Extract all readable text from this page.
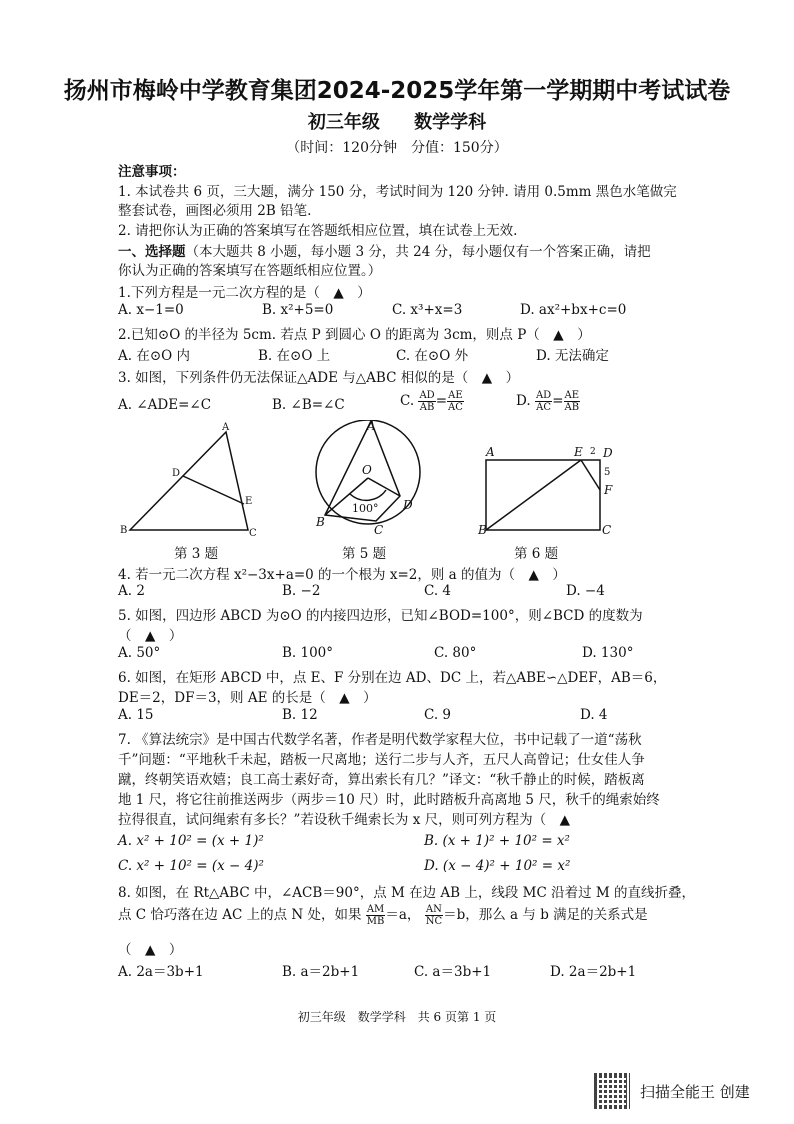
扬州市梅岭中学教育集团2024-2025学年第一学期期中考试试卷
初三年级 数学学科
（时间：120分钟　分值：150分）
注意事项：
1. 本试卷共 6 页，三大题，满分 150 分，考试时间为 120 分钟. 请用 0.5mm 黑色水笔做完
整套试卷，画图必须用 2B 铅笔.
2. 请把你认为正确的答案填写在答题纸相应位置，填在试卷上无效.
一、选择题（本大题共 8 小题，每小题 3 分，共 24 分，每小题仅有一个答案正确，请把
你认为正确的答案填写在答题纸相应位置。）
1.下列方程是一元二次方程的是（　▲　）
A. x−1=0	B. x²+5=0	C. x³+x=3	D. ax²+bx+c=0
2.已知⊙O 的半径为 5cm. 若点 P 到圆心 O 的距离为 3cm，则点 P（　▲　）
A. 在⊙O 内	B. 在⊙O 上	C. 在⊙O 外	D. 无法确定
3. 如图，下列条件仍无法保证△ADE 与△ABC 相似的是（　▲　）
A. ∠ADE=∠C	B. ∠B=∠C	C. $\frac{AD}{AB} = \frac{AE}{AC}$	D. $\frac{AD}{AC} = \frac{AE}{AB}$
A
B	C
D
E
A
B
C
D
O
100°
A
B	C
D
E
F
2
5
第 3 题	第 5 题	第 6 题
4. 若一元二次方程 x²−3x+a=0 的一个根为 x=2，则 a 的值为（　▲　）
A. 2	B. −2	C. 4	D. −4
5. 如图，四边形 ABCD 为⊙O 的内接四边形，已知∠BOD=100°，则∠BCD 的度数为
（　▲　）
A. 50°	B. 100°	C. 80°	D. 130°
6. 如图，在矩形 ABCD 中，点 E、F 分别在边 AD、DC 上，若△ABE∽△DEF，AB＝6，
DE＝2，DF＝3，则 AE 的长是（　▲　）
A. 15	B. 12	C. 9	D. 4
7. 《算法统宗》是中国古代数学名著，作者是明代数学家程大位，书中记载了一道“荡秋
千”问题：“平地秋千未起，踏板一尺离地；送行二步与人齐，五尺人高曾记；仕女佳人争
蹴，终朝笑语欢嬉；良工高士素好奇，算出索长有几？”译文：“秋千静止的时候，踏板离
地 1 尺，将它往前推送两步（两步＝10 尺）时，此时踏板升高离地 5 尺，秋千的绳索始终
拉得很直，试问绳索有多长？”若设秋千绳索长为 x 尺，则可列方程为（　▲
A. x² + 10² = (x + 1)²	B. (x + 1)² + 10² = x²
C. x² + 10² = (x − 4)²	D. (x − 4)² + 10² = x²
8. 如图，在 Rt△ABC 中，∠ACB＝90°，点 M 在边 AB 上，线段 MC 沿着过 M 的直线折叠，
点 C 恰巧落在边 AC 上的点 N 处，如果 $\frac{AM}{MB} =a$， $\frac{AN}{NC} =b$，那么 a 与 b 满足的关系式是
（　▲　）
A. 2a＝3b+1	B. a＝2b+1	C. a＝3b+1	D. 2a＝2b+1
初三年级　数学学科　共 6 页第 1 页
扫描全能王 创建
